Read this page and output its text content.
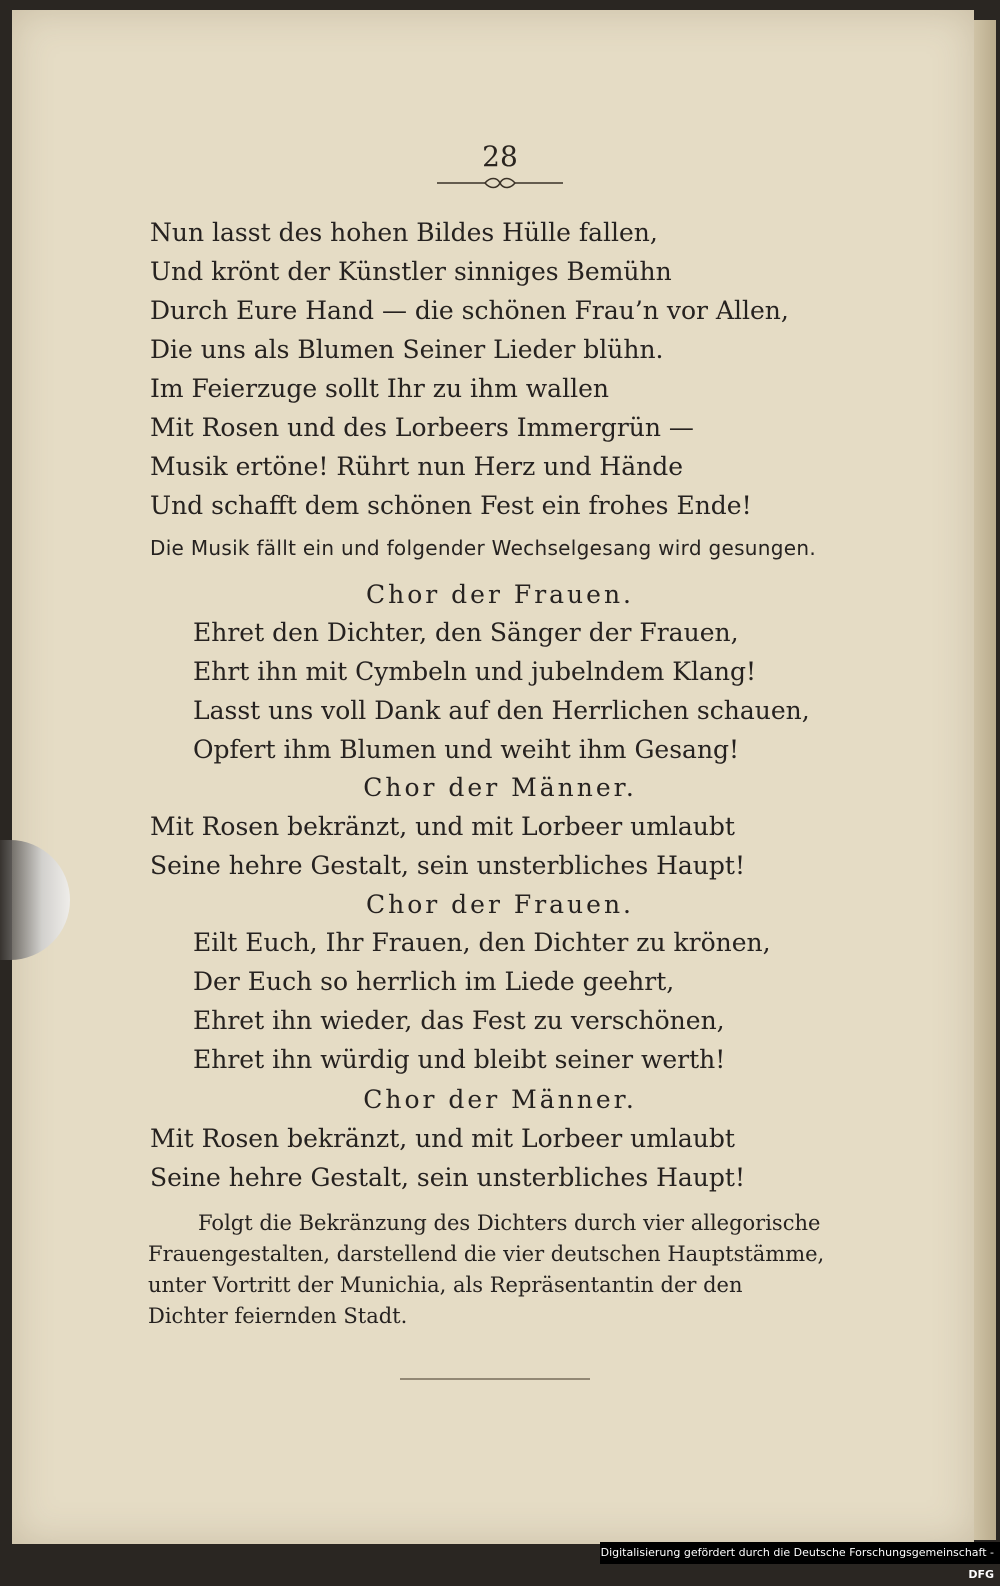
28
Nun lasst des hohen Bildes Hülle fallen,
Und krönt der Künstler sinniges Bemühn
Durch Eure Hand — die schönen Frau’n vor Allen,
Die uns als Blumen Seiner Lieder blühn.
Im Feierzuge sollt Ihr zu ihm wallen
Mit Rosen und des Lorbeers Immergrün —
Musik ertöne! Rührt nun Herz und Hände
Und schafft dem schönen Fest ein frohes Ende!
Die Musik fällt ein und folgender Wechselgesang wird gesungen.
Chor der Frauen.
Ehret den Dichter, den Sänger der Frauen,
Ehrt ihn mit Cymbeln und jubelndem Klang!
Lasst uns voll Dank auf den Herrlichen schauen,
Opfert ihm Blumen und weiht ihm Gesang!
Chor der Männer.
Mit Rosen bekränzt, und mit Lorbeer umlaubt
Seine hehre Gestalt, sein unsterbliches Haupt!
Chor der Frauen.
Eilt Euch, Ihr Frauen, den Dichter zu krönen,
Der Euch so herrlich im Liede geehrt,
Ehret ihn wieder, das Fest zu verschönen,
Ehret ihn würdig und bleibt seiner werth!
Chor der Männer.
Mit Rosen bekränzt, und mit Lorbeer umlaubt
Seine hehre Gestalt, sein unsterbliches Haupt!
Folgt die Bekränzung des Dichters durch vier allegorische
Frauengestalten, darstellend die vier deutschen Hauptstämme,
unter Vortritt der Munichia, als Repräsentantin der den
Dichter feiernden Stadt.
Digitalisierung gefördert durch die Deutsche Forschungsgemeinschaft -DFG
